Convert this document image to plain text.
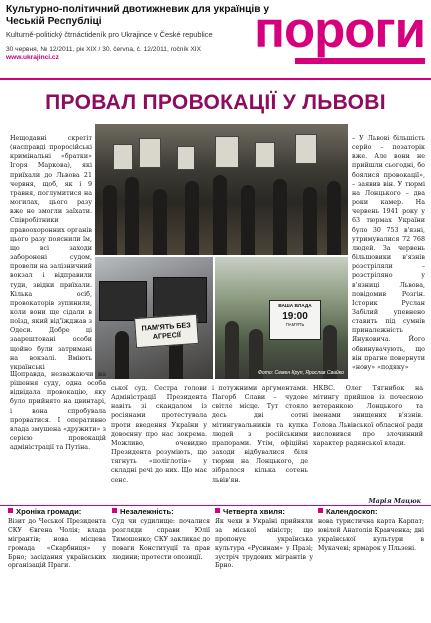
Культурно-політичний двотижневик для українців у Чеській Республіці
Kulturně-politický čtrnáctideník pro Ukrajince v České republice
30 червня, № 12/2011, рік XIX / 30. června, č. 12/2011, ročník XIX
www.ukrajinci.cz	пороги
ПРОВАЛ ПРОВОКАЦІЇ У ЛЬВОВІ
Нещодавні скрегіт (насправді проросійські кримінальні «братки» Ігоря Маркова), які приїхали до Львова 21 червня, щоб, як і 9 травня, поглумитися на могилах, цього разу вже не змогли заїхати. Співробітники правоохоронних органів цього разу пояснили їм, що всі заходи заборонені судом, провели на залізничний вокзал і відправили туди, звідки приїхали. Кілька осіб, провокаторів зупинили, коли вони ще сідали в поїзд, який від'їжджав з Одеси. Добре ці заарештовані особи щойно були затримані на вокзалі. Вміють українські
ПАМ'ЯТЬ БЕЗ АГРЕСІЇ
ВАША ВЛАДА
19:00
ПАМ'ЯТЬ
Фото: Семен Круп, Ярослав Свайко
– У Львові більшість серйо – позаторік вже. Але вони не прийшли сьогодні, бо боялися провокації», – заявив він. У тюрмі на Лонцького – два роки камер. На червень 1941 року у 63 тюрмах України було 30 753 в'язні, утримувалися 72 768 людей. За червень більшовики в'язнів розстріляли – розстріляно у в'язниці Львова, повідомив Розгін. Історик Руслан Забілий упевнено ставить під сумнів приналежність Януковича. Його обвинувачують, що він прагне повернути «нову» «подяку»
Щоправда, незважаючи на рішення суду, одна особа відвідала провокацію, яку було прийнято на цвинтарі, і вона спробувала прорватися. І оперативно влада змушена «дружити» з серією провокацій адміністрації та Путіна.
ської суд. Сестра голови Адміністрації Президента навіть зі скандалом із росіянами протестувала проти введення України у довоєнну про нас зокрема. Можливо, очевидно Президента розуміють, що тягнуть «поліглотів» у складні речі до них. Що має сенс.
і потужними аргументами. Пагорб Слави – чудове світле місце. Тут стояло десь дві сотні мітингувальників та купка людей з російськими прапорами. Утім, офіційні заходи відбувалися біля тюрми на Лонцького, де зібралося кілька сотень львів'ян.
НКВС. Олег Тягнибок на мітингу прийшов із почесною ветеранкою Лонцького та іменами знищених в'язнів. Голова Львівської обласної ради висловився про злочинний характер радянської влади.
Марія Мацюк
Хроніка громади:
Візит до Чеської Президента СКУ Євгена Чолія; влада мігрантів; нова місцева громада «Скарбниця» у Брно; засідання українських організацій Праги.
Незалежність:
Суд чи судилище: почалися розгляди справи Юлії Тимошенко; СКУ закликає до поваги Конституції та прав людини; протести опозиції.
Четверта хвиля:
Як чехи в Україні прийняли за міської міністр; що пропонує українська культура «Русинам» у Празі; зустріч трудових мігрантів у Брно.
Календоскоп:
нова туристична карта Карпат; ювілей Анатолія Кравченка; дні української культури в Мукачеві; ярмарок у Пльзені.
